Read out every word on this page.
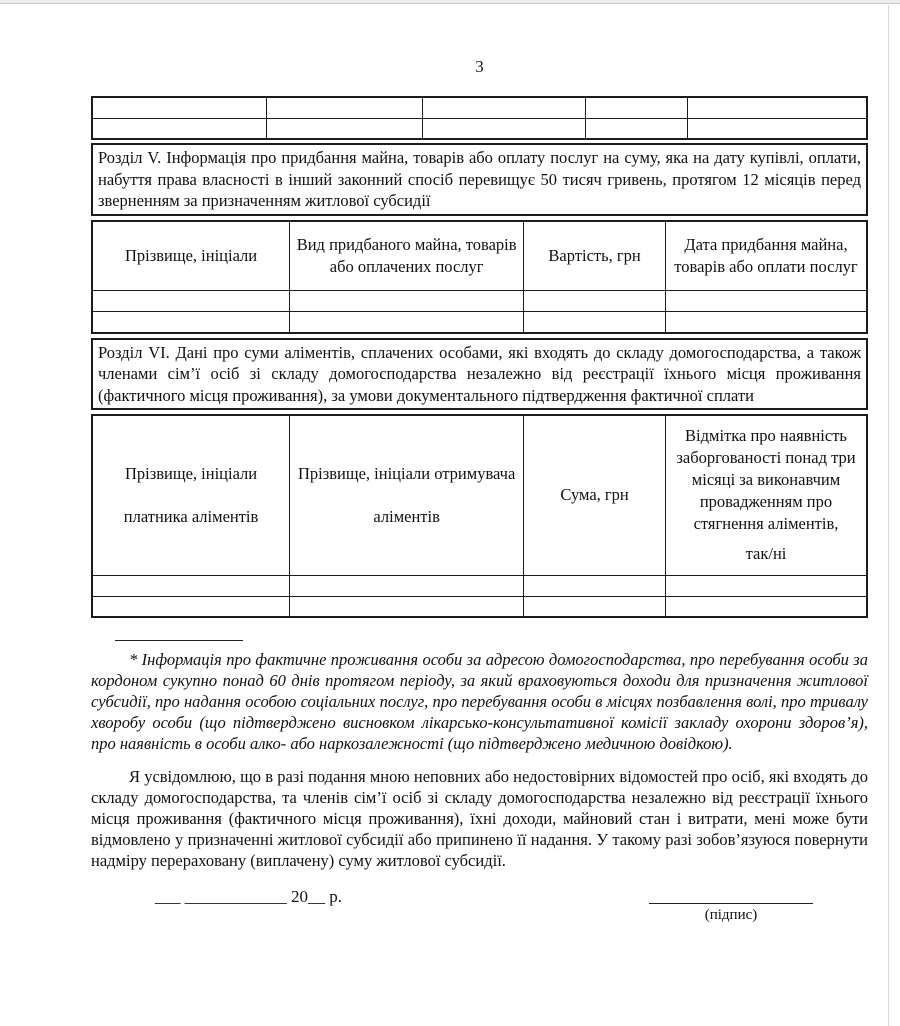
3

Розділ V. Інформація про придбання майна, товарів або оплату послуг на суму, яка на дату купівлі, оплати, набуття права власності в інший законний спосіб перевищує 50 тисяч гривень, протягом 12 місяців перед зверненням за призначенням житлової субсидії
Прізвище, ініціали	Вид придбаного майна, товарів або оплачених послуг	Вартість, грн	Дата придбання майна, товарів або оплати послуг

Розділ VI. Дані про суми аліментів, сплачених особами, які входять до складу домогосподарства, а також членами сім’ї осіб зі складу домогосподарства незалежно від реєстрації їхнього місця проживання (фактичного місця проживання), за умови документального підтвердження фактичної сплати
Прізвище, ініціали платника аліментів	Прізвище, ініціали отримувача аліментів	Сума, грн	Відмітка про наявність заборгованості понад три місяці за виконавчим провадженням про стягнення аліментів,
так/ні

* Інформація про фактичне проживання особи за адресою домогосподарства, про перебування особи за кордоном сукупно понад 60 днів протягом періоду, за який враховуються доходи для призначення житлової субсидії, про надання особою соціальних послуг, про перебування особи в місцях позбавлення волі, про тривалу хворобу особи (що підтверджено висновком лікарсько-консультативної комісії закладу охорони здоров’я), про наявність в особи алко- або наркозалежності (що підтверджено медичною довідкою).
Я усвідомлюю, що в разі подання мною неповних або недостовірних відомостей про осіб, які входять до складу домогосподарства, та членів сім’ї осіб зі складу домогосподарства незалежно від реєстрації їхнього місця проживання (фактичного місця проживання), їхні доходи, майновий стан і витрати, мені може бути відмовлено у призначенні житлової субсидії або припинено її надання. У такому разі зобов’язуюся повернути надміру перераховану (виплачену) суму житлової субсидії.
___ ____________ 20__ р.
(підпис)
